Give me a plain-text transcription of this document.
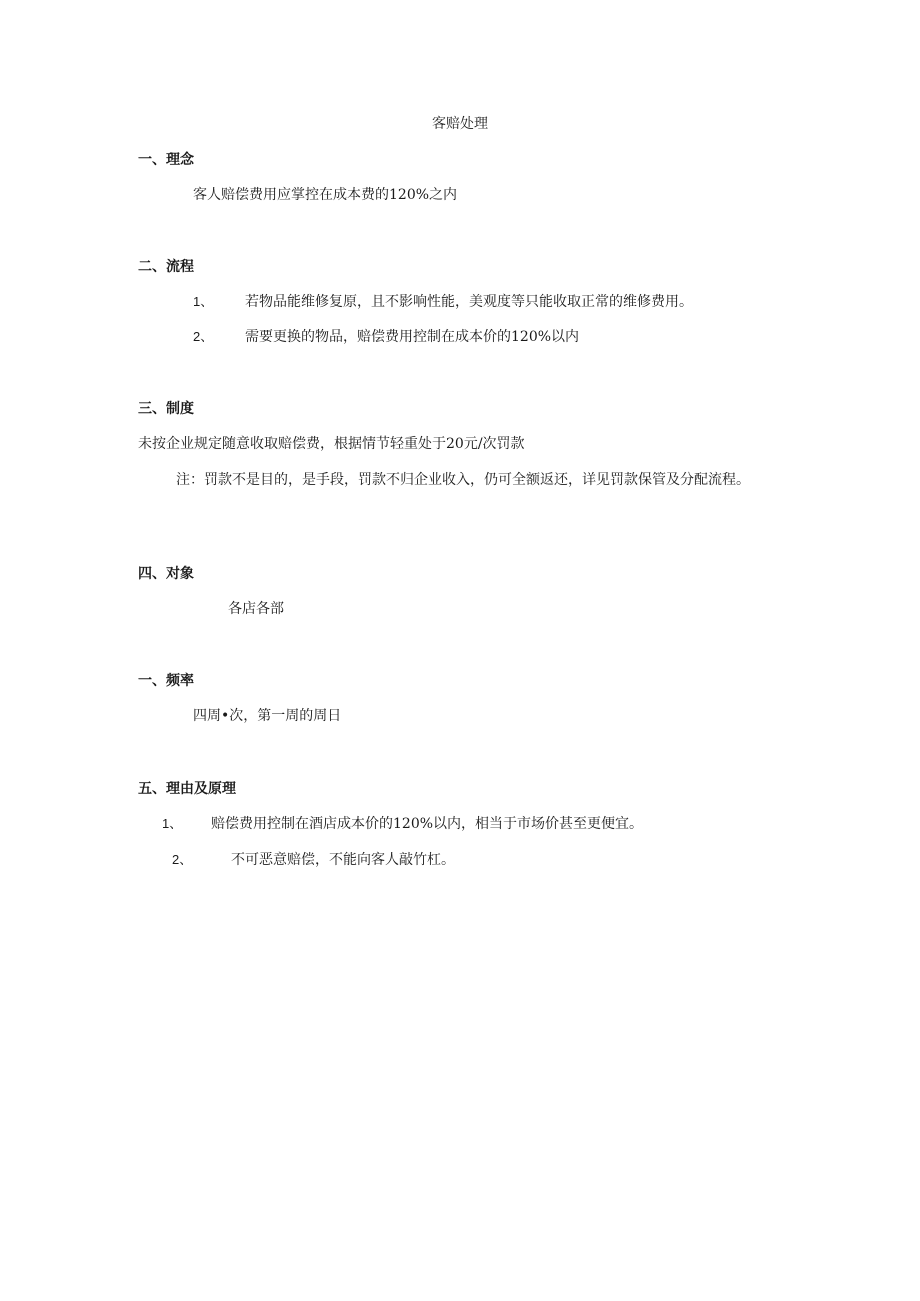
客赔处理
一、理念
客人赔偿费用应掌控在成本费的120%之内
二、流程
1、 若物品能维修复原，且不影响性能，美观度等只能收取正常的维修费用。
2、 需要更换的物品，赔偿费用控制在成本价的120%以内
三、制度
未按企业规定随意收取赔偿费，根据情节轻重处于20元/次罚款
注：罚款不是目的，是手段，罚款不归企业收入，仍可全额返还，详见罚款保管及分配流程。
四、对象
各店各部
一、频率
四周•次，第一周的周日
五、理由及原理
1、 赔偿费用控制在酒店成本价的120%以内，相当于市场价甚至更便宜。
2、	不可恶意赔偿，不能向客人敲竹杠。
